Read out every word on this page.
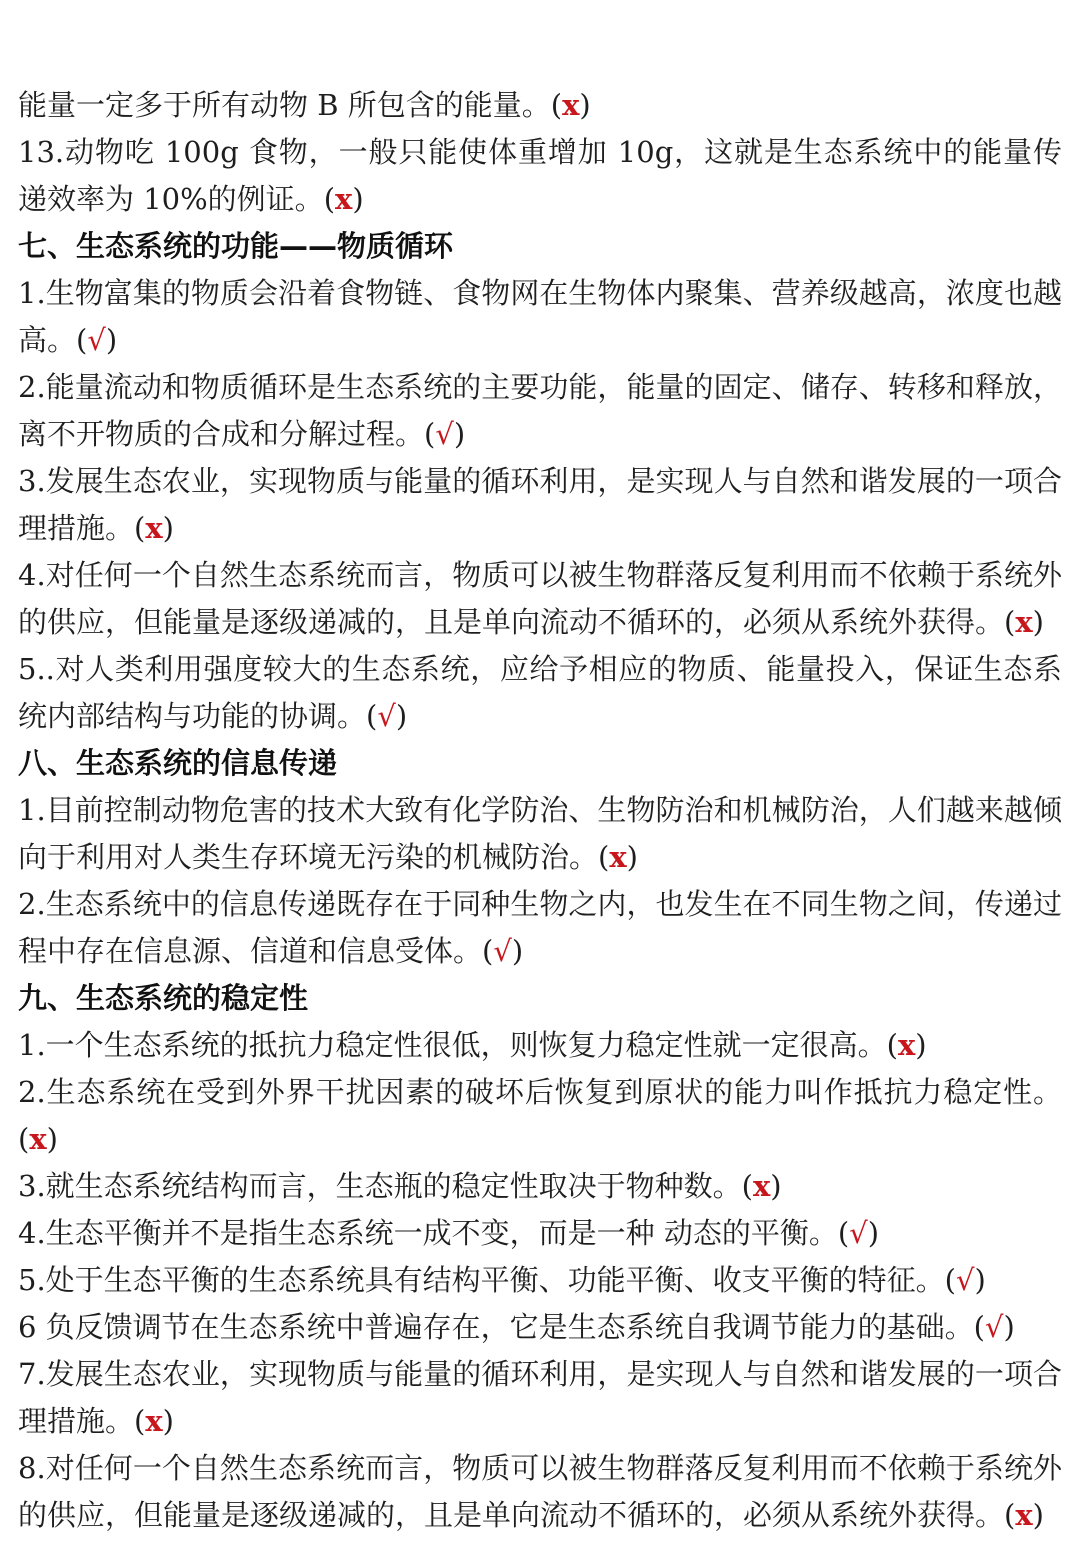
能量一定多于所有动物 B 所包含的能量。(x)
13.动物吃 100g 食物，一般只能使体重增加 10g，这就是生态系统中的能量传递效率为 10%的例证。(x)
七、生态系统的功能——物质循环
1.生物富集的物质会沿着食物链、食物网在生物体内聚集、营养级越高，浓度也越高。(√)
2.能量流动和物质循环是生态系统的主要功能，能量的固定、储存、转移和释放，离不开物质的合成和分解过程。(√)
3.发展生态农业，实现物质与能量的循环利用，是实现人与自然和谐发展的一项合理措施。(x)
4.对任何一个自然生态系统而言，物质可以被生物群落反复利用而不依赖于系统外的供应，但能量是逐级递减的，且是单向流动不循环的，必须从系统外获得。(x)
5..对人类利用强度较大的生态系统，应给予相应的物质、能量投入，保证生态系统内部结构与功能的协调。(√)
八、生态系统的信息传递
1.目前控制动物危害的技术大致有化学防治、生物防治和机械防治，人们越来越倾向于利用对人类生存环境无污染的机械防治。(x)
2.生态系统中的信息传递既存在于同种生物之内，也发生在不同生物之间，传递过程中存在信息源、信道和信息受体。(√)
九、生态系统的稳定性
1.一个生态系统的抵抗力稳定性很低，则恢复力稳定性就一定很高。(x)
2.生态系统在受到外界干扰因素的破坏后恢复到原状的能力叫作抵抗力稳定性。(x)
3.就生态系统结构而言，生态瓶的稳定性取决于物种数。(x)
4.生态平衡并不是指生态系统一成不变，而是一种 动态的平衡。(√)
5.处于生态平衡的生态系统具有结构平衡、功能平衡、收支平衡的特征。(√)
6 负反馈调节在生态系统中普遍存在，它是生态系统自我调节能力的基础。(√)
7.发展生态农业，实现物质与能量的循环利用，是实现人与自然和谐发展的一项合理措施。(x)
8.对任何一个自然生态系统而言，物质可以被生物群落反复利用而不依赖于系统外的供应，但能量是逐级递减的，且是单向流动不循环的，必须从系统外获得。(x)
